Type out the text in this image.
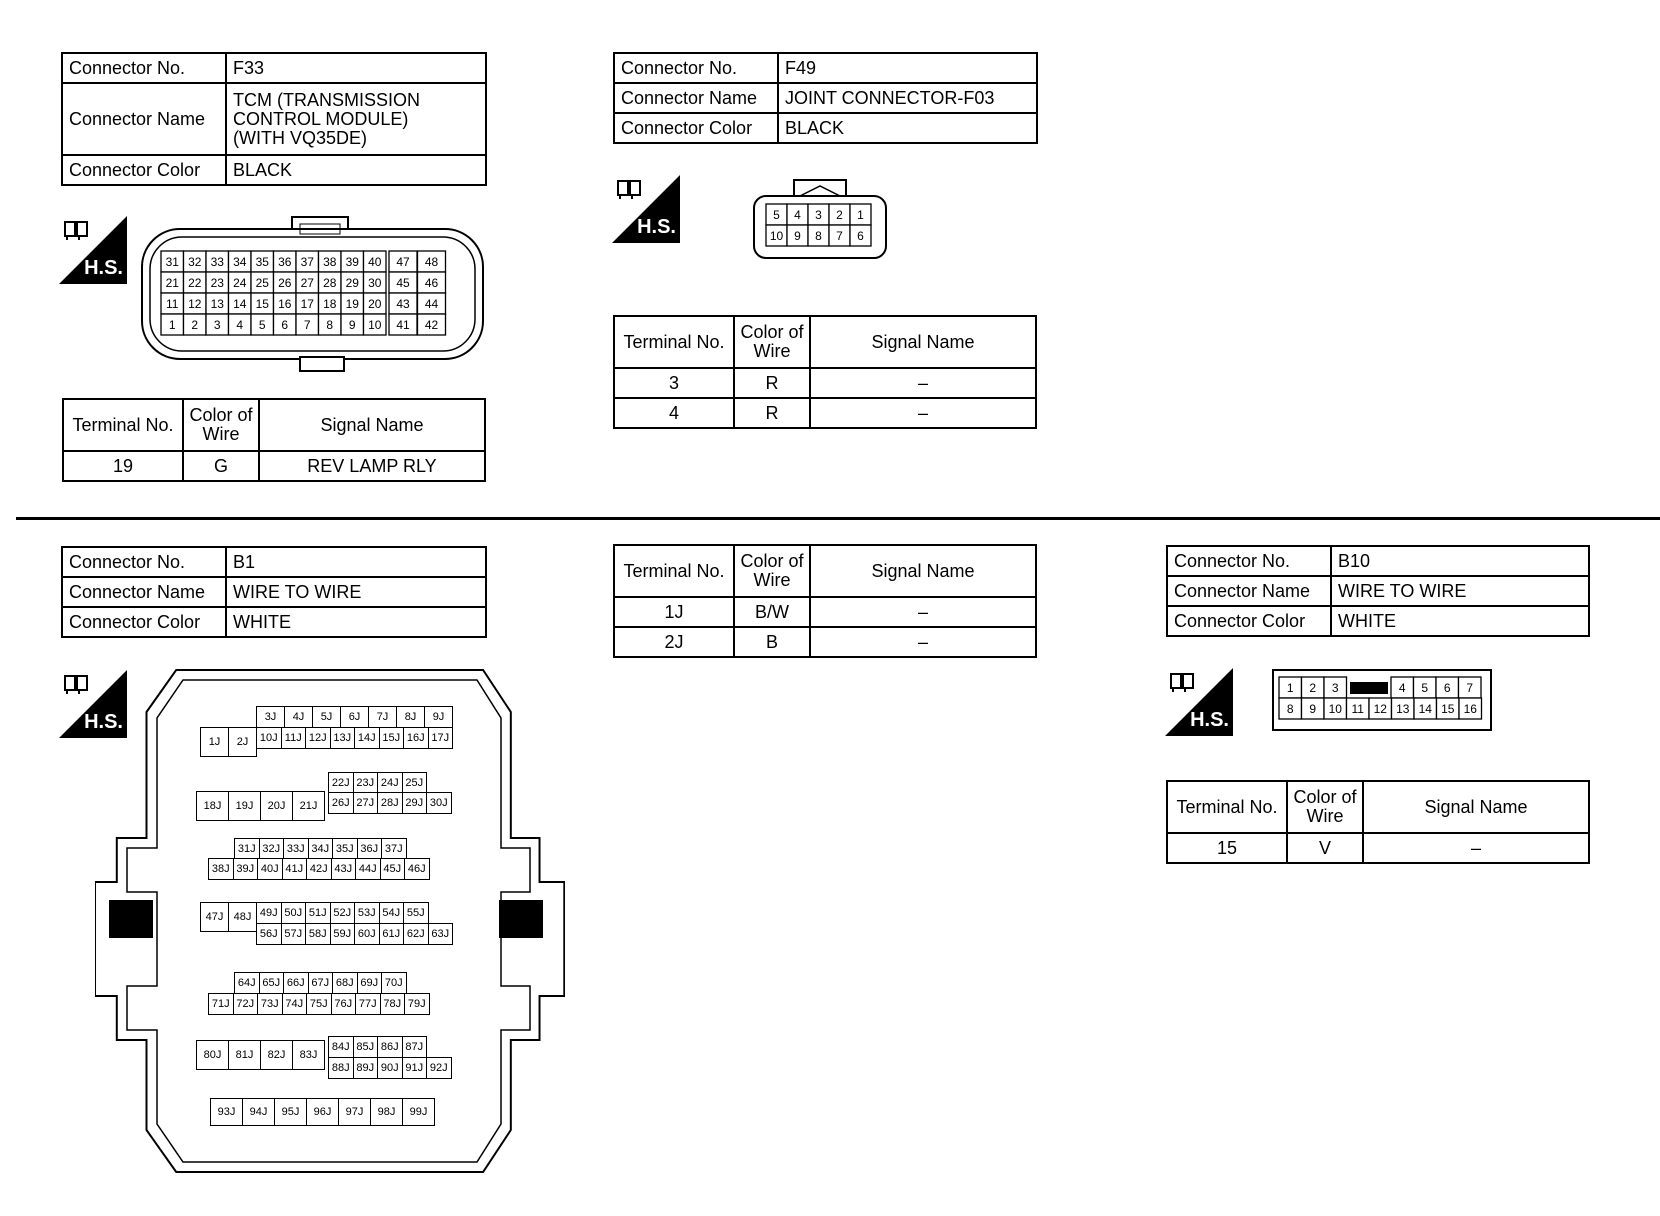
Connector No.	F33
Connector Name	TCM (TRANSMISSION CONTROL MODULE) (WITH VQ35DE)
Connector Color	BLACK
H.S.	31 32 33 34 35 36 37 38 39 40 47 48
21 22 23 24 25 26 27 28 29 30 45 46
11 12 13 14 15 16 17 18 19 20 43 44
1 2 3 4 5 6 7 8 9 10 41 42
Terminal No.	Color of Wire	Signal Name
19	G	REV LAMP RLY
Connector No.	F49
Connector Name	JOINT CONNECTOR-F03
Connector Color	BLACK
H.S.
5 4 3 2 1
10 9 8 7 6
Terminal No.	Color of Wire	Signal Name
3	R	–
4	R	–
Connector No.	B1
Connector Name	WIRE TO WIRE
Connector Color	WHITE
H.S.
1J	2J
3J	4J	5J	6J	7J	8J	9J
10J 11J 12J 13J 14J 15J 16J 17J
18J	19J	20J	21J
22J 23J 24J 25J
26J 27J 28J 29J 30J
31J 32J 33J 34J 35J 36J 37J
38J 39J 40J 41J 42J 43J 44J 45J 46J
47J 48J 49J 50J 51J 52J 53J 54J 55J
56J 57J 58J 59J 60J 61J 62J 63J
64J 65J 66J 67J 68J 69J 70J
71J 72J 73J 74J 75J 76J 77J 78J 79J
80J	81J	82J	83J
84J 85J 86J 87J
88J 89J 90J 91J 92J
93J	94J	95J	96J	97J	98J	99J
Terminal No.	Color of Wire	Signal Name
1J	B/W	–
2J	B	–
Connector No.	B10
Connector Name	WIRE TO WIRE
Connector Color	WHITE
H.S.
1 2 3	4 5 6 7
8 9 10 11 12 13 14 15 16
Terminal No.	Color of Wire	Signal Name
15	V	–
